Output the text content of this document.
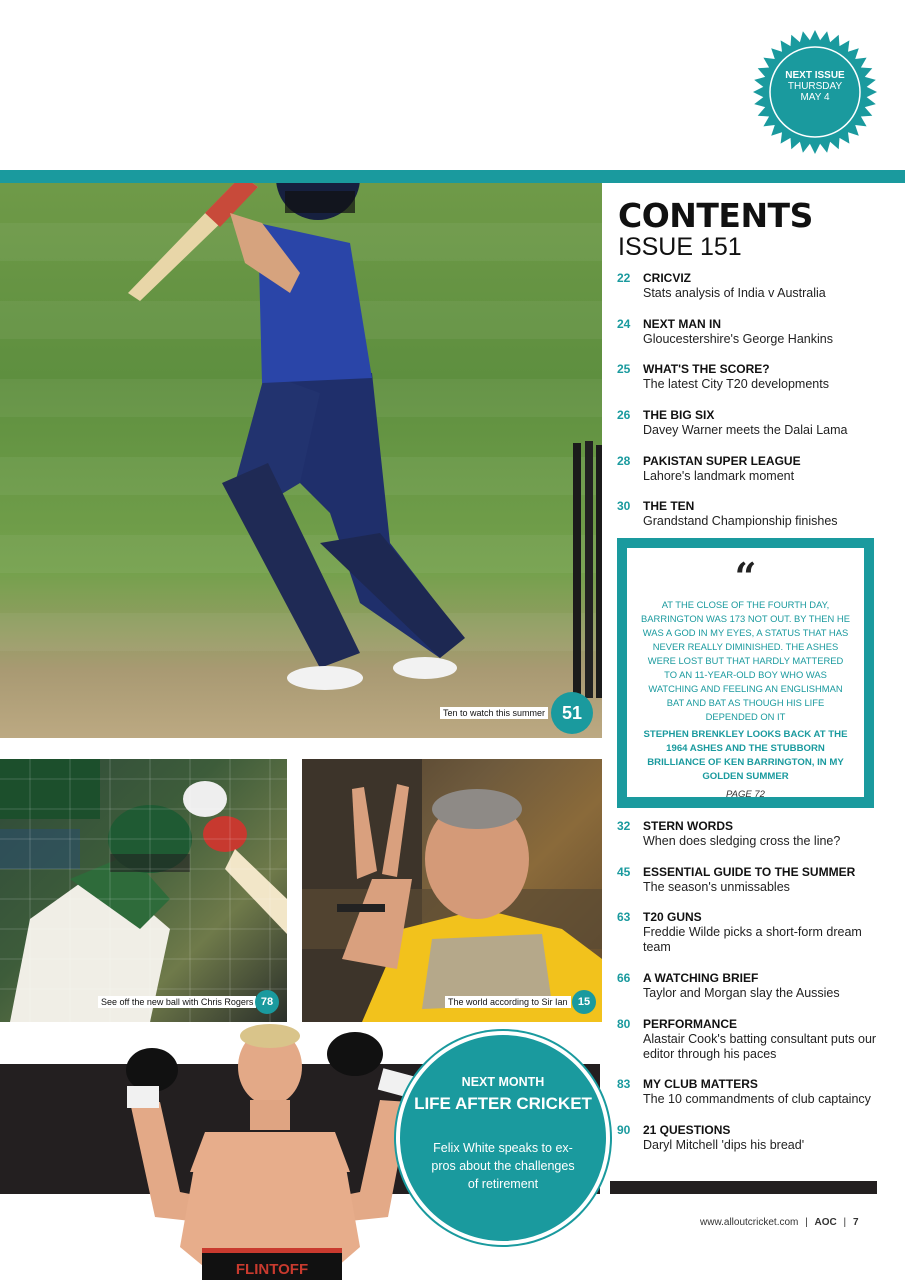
NEXT ISSUE
THURSDAY
MAY 4
Ten to watch this summer 51
See off the new ball with Chris Rogers 78	The world according to Sir Ian 15
CONTENTS
ISSUE 151
22	CRICVIZ
Stats analysis of India v Australia
24	NEXT MAN IN
Gloucestershire's George Hankins
25	WHAT'S THE SCORE?
The latest City T20 developments
26	THE BIG SIX
Davey Warner meets the Dalai Lama
28	PAKISTAN SUPER LEAGUE
Lahore's landmark moment
30	THE TEN
Grandstand Championship finishes
“
AT THE CLOSE OF THE FOURTH DAY, BARRINGTON WAS 173 NOT OUT. BY THEN HE WAS A GOD IN MY EYES, A STATUS THAT HAS NEVER REALLY DIMINISHED. THE ASHES WERE LOST BUT THAT HARDLY MATTERED TO AN 11-YEAR-OLD BOY WHO WAS WATCHING AND FEELING AN ENGLISHMAN BAT AND BAT AS THOUGH HIS LIFE DEPENDED ON IT
STEPHEN BRENKLEY LOOKS BACK AT THE 1964 ASHES AND THE STUBBORN BRILLIANCE OF KEN BARRINGTON, IN MY GOLDEN SUMMER
PAGE 72
32	STERN WORDS
When does sledging cross the line?
45	ESSENTIAL GUIDE TO THE SUMMER
The season's unmissables
63	T20 GUNS
Freddie Wilde picks a short-form dream team
66	A WATCHING BRIEF
Taylor and Morgan slay the Aussies
80	PERFORMANCE
Alastair Cook's batting consultant puts our editor through his paces
83	MY CLUB MATTERS
The 10 commandments of club captaincy
90	21 QUESTIONS
Daryl Mitchell 'dips his bread'
FLINTOFF
NEXT MONTH
LIFE AFTER CRICKET
Felix White speaks to ex-pros about the challenges of retirement
www.alloutcricket.com | AOC | 7
